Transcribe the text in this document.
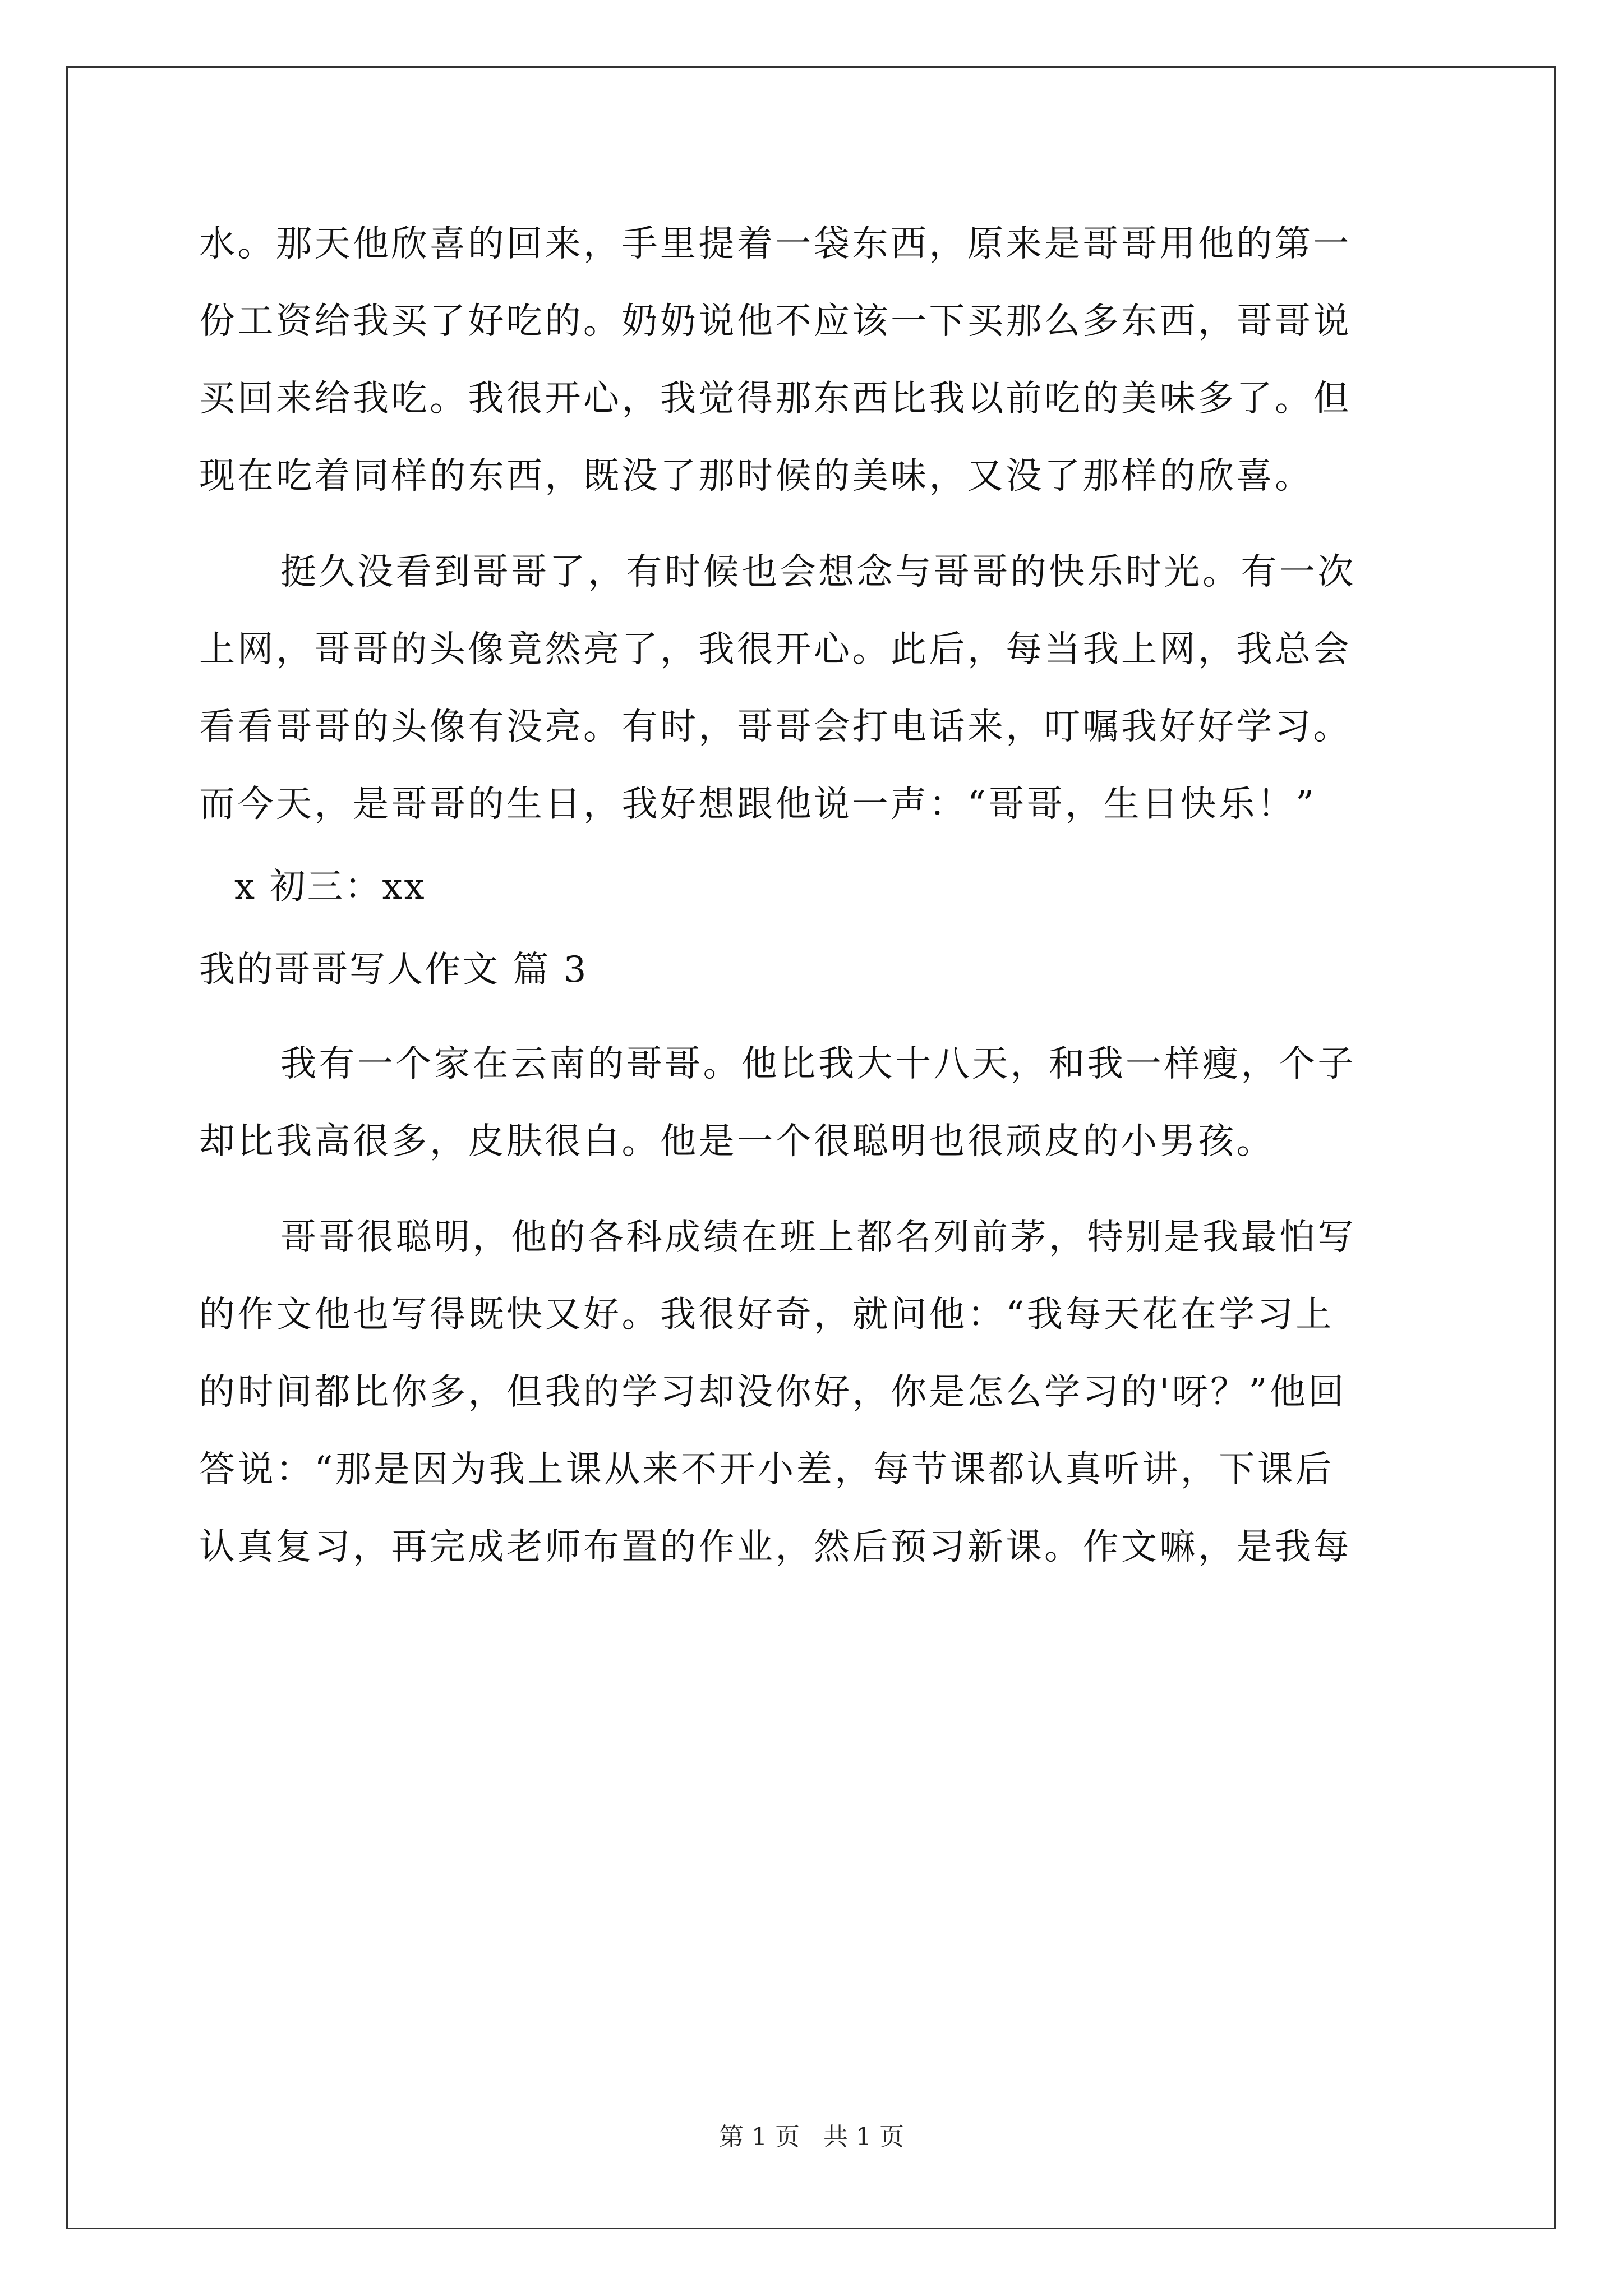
水。那天他欣喜的回来，手里提着一袋东西，原来是哥哥用他的第一
份工资给我买了好吃的。奶奶说他不应该一下买那么多东西，哥哥说
买回来给我吃。我很开心，我觉得那东西比我以前吃的美味多了。但
现在吃着同样的东西，既没了那时候的美味，又没了那样的欣喜。
挺久没看到哥哥了，有时候也会想念与哥哥的快乐时光。有一次
上网，哥哥的头像竟然亮了，我很开心。此后，每当我上网，我总会
看看哥哥的头像有没亮。有时，哥哥会打电话来，叮嘱我好好学习。
而今天，是哥哥的生日，我好想跟他说一声：“哥哥，生日快乐！”
x 初三：xx
我的哥哥写人作文 篇 3
我有一个家在云南的哥哥。他比我大十八天，和我一样瘦，个子
却比我高很多，皮肤很白。他是一个很聪明也很顽皮的小男孩。
哥哥很聪明，他的各科成绩在班上都名列前茅，特别是我最怕写
的作文他也写得既快又好。我很好奇，就问他：“我每天花在学习上
的时间都比你多，但我的学习却没你好，你是怎么学习的'呀？”他回
答说：“那是因为我上课从来不开小差，每节课都认真听讲，下课后
认真复习，再完成老师布置的作业，然后预习新课。作文嘛，是我每
第 1 页 共 1 页
